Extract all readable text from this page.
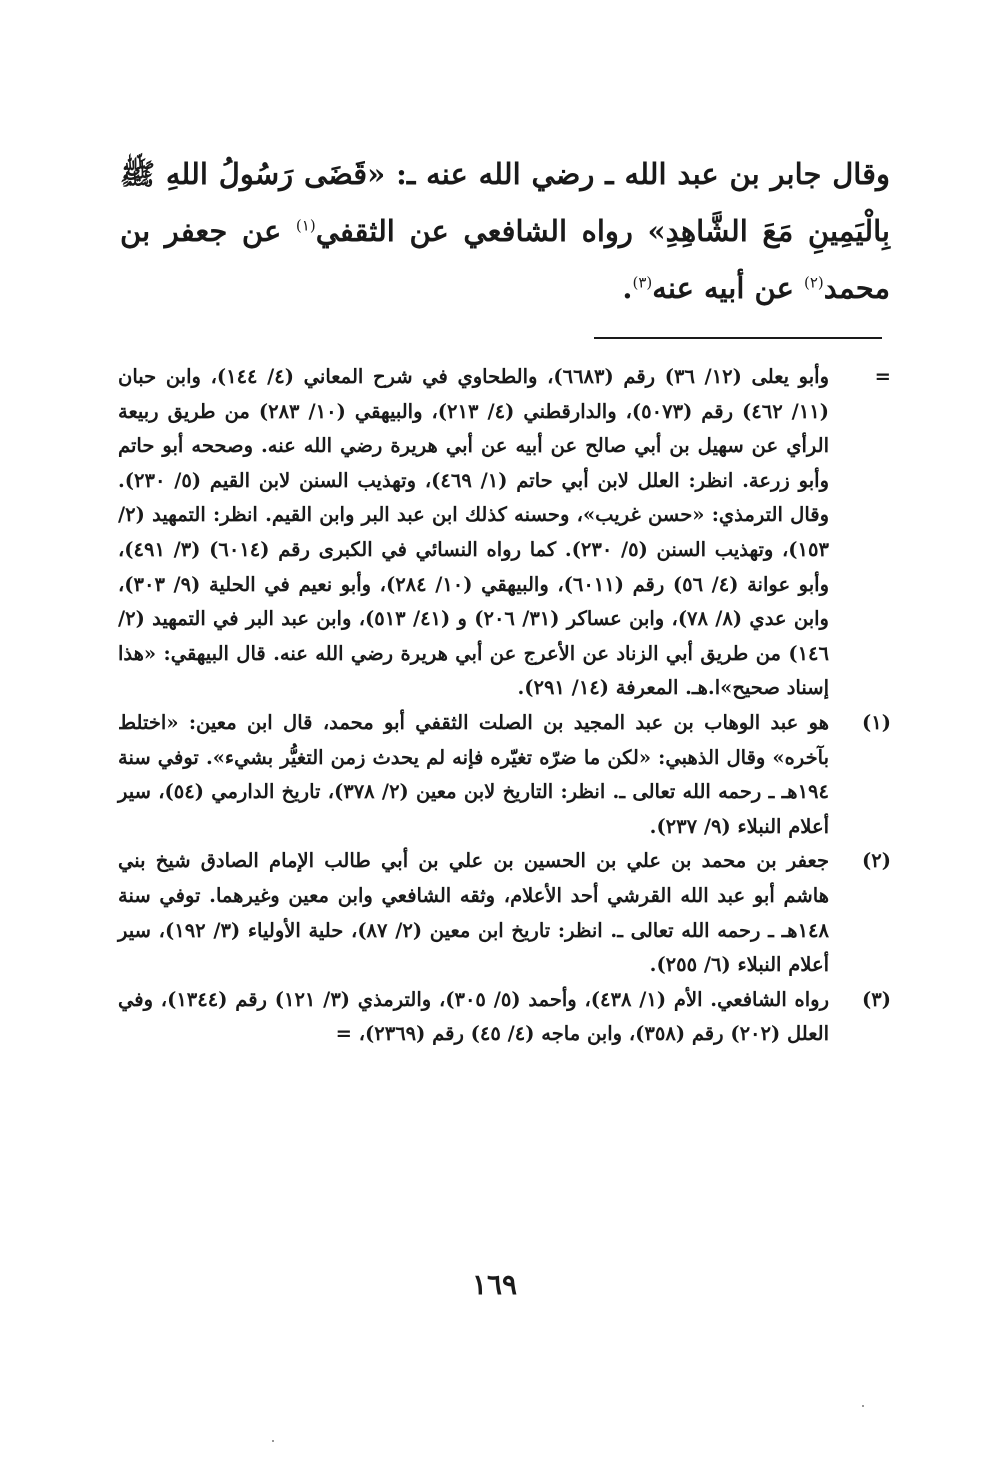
وقال جابر بن عبد الله ـ رضي الله عنه ـ: «قَضَى رَسُولُ اللهِ ﷺ بِالْيَمِينِ مَعَ الشَّاهِدِ» رواه الشافعي عن الثقفي$^{(١)}$ عن جعفر بن محمد$^{(٢)}$ عن أبيه عنه$^{(٣)}$.

=
وأبو يعلى (١٢/ ٣٦) رقم (٦٦٨٣)، والطحاوي في شرح المعاني (٤/ ١٤٤)، وابن حبان (١١/ ٤٦٢) رقم (٥٠٧٣)، والدارقطني (٤/ ٢١٣)، والبيهقي (١٠/ ٢٨٣) من طريق ربيعة الرأي عن سهيل بن أبي صالح عن أبيه عن أبي هريرة رضي الله عنه. وصححه أبو حاتم وأبو زرعة. انظر: العلل لابن أبي حاتم (١/ ٤٦٩)، وتهذيب السنن لابن القيم (٥/ ٢٣٠). وقال الترمذي: «حسن غريب»، وحسنه كذلك ابن عبد البر وابن القيم. انظر: التمهيد (٢/ ١٥٣)، وتهذيب السنن (٥/ ٢٣٠). كما رواه النسائي في الكبرى رقم (٦٠١٤) (٣/ ٤٩١)، وأبو عوانة (٤/ ٥٦) رقم (٦٠١١)، والبيهقي (١٠/ ٢٨٤)، وأبو نعيم في الحلية (٩/ ٣٠٣)، وابن عدي (٨/ ٧٨)، وابن عساكر (٣١/ ٢٠٦) و (٤١/ ٥١٣)، وابن عبد البر في التمهيد (٢/ ١٤٦) من طريق أبي الزناد عن الأعرج عن أبي هريرة رضي الله عنه. قال البيهقي: «هذا إسناد صحيح»ا.هـ. المعرفة (١٤/ ٢٩١).
(١)
هو عبد الوهاب بن عبد المجيد بن الصلت الثقفي أبو محمد، قال ابن معين: «اختلط بآخره» وقال الذهبي: «لكن ما ضرّه تغيّره فإنه لم يحدث زمن التغيُّر بشيء». توفي سنة ١٩٤هـ ـ رحمه الله تعالى ـ. انظر: التاريخ لابن معين (٢/ ٣٧٨)، تاريخ الدارمي (٥٤)، سير أعلام النبلاء (٩/ ٢٣٧).
(٢)
جعفر بن محمد بن علي بن الحسين بن علي بن أبي طالب الإمام الصادق شيخ بني هاشم أبو عبد الله القرشي أحد الأعلام، وثقه الشافعي وابن معين وغيرهما. توفي سنة ١٤٨هـ ـ رحمه الله تعالى ـ. انظر: تاريخ ابن معين (٢/ ٨٧)، حلية الأولياء (٣/ ١٩٢)، سير أعلام النبلاء (٦/ ٢٥٥).
(٣)
رواه الشافعي. الأم (١/ ٤٣٨)، وأحمد (٥/ ٣٠٥)، والترمذي (٣/ ١٢١) رقم (١٣٤٤)، وفي العلل (٢٠٢) رقم (٣٥٨)، وابن ماجه (٤/ ٤٥) رقم (٢٣٦٩)، =
١٦٩
